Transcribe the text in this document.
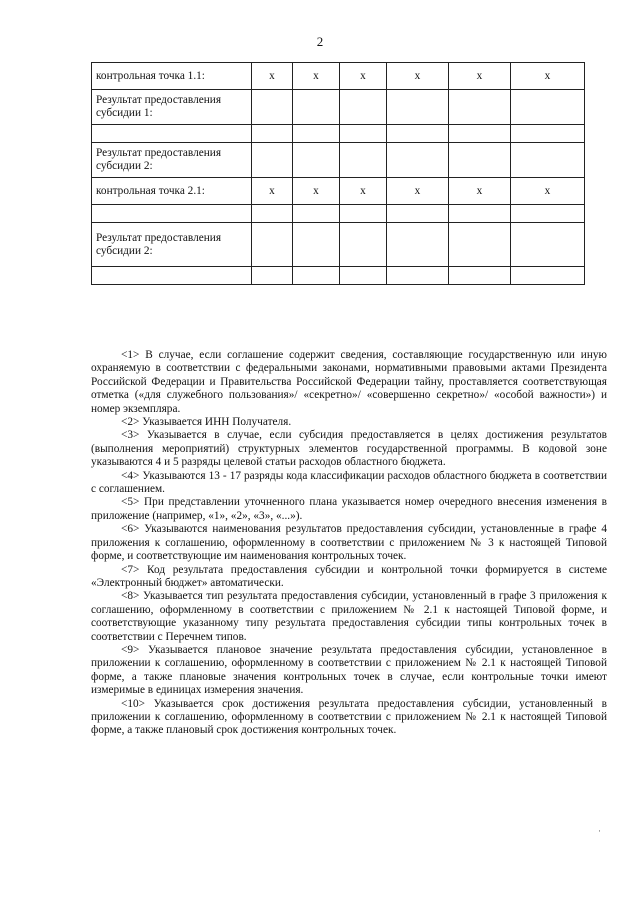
2
контрольная точка 1.1:	x	x	x	x	x	x
Результат предоставления субсидии 1:						

Результат предоставления субсидии 2:						
контрольная точка 2.1:	x	x	x	x	x	x

Результат предоставления субсидии 2:						

<1> В случае, если соглашение содержит сведения, составляющие государственную или иную охраняемую в соответствии с федеральными законами, нормативными правовыми актами Президента Российской Федерации и Правительства Российской Федерации тайну, проставляется соответствующая отметка («для служебного пользования»/ «секретно»/ «совершенно секретно»/ «особой важности») и номер экземпляра.

<2> Указывается ИНН Получателя.

<3> Указывается в случае, если субсидия предоставляется в целях достижения результатов (выполнения мероприятий) структурных элементов государственной программы. В кодовой зоне указываются 4 и 5 разряды целевой статьи расходов областного бюджета.

<4> Указываются 13 - 17 разряды кода классификации расходов областного бюджета в соответствии с соглашением.

<5> При представлении уточненного плана указывается номер очередного внесения изменения в приложение (например, «1», «2», «3», «...»).

<6> Указываются наименования результатов предоставления субсидии, установленные в графе 4 приложения к соглашению, оформленному в соответствии с приложением № 3 к настоящей Типовой форме, и соответствующие им наименования контрольных точек.

<7> Код результата предоставления субсидии и контрольной точки формируется в системе «Электронный бюджет» автоматически.

<8> Указывается тип результата предоставления субсидии, установленный в графе 3 приложения к соглашению, оформленному в соответствии с приложением № 2.1 к настоящей Типовой форме, и соответствующие указанному типу результата предоставления субсидии типы контрольных точек в соответствии с Перечнем типов.

<9> Указывается плановое значение результата предоставления субсидии, установленное в приложении к соглашению, оформленному в соответствии с приложением № 2.1 к настоящей Типовой форме, а также плановые значения контрольных точек в случае, если контрольные точки имеют измеримые в единицах измерения значения.

<10> Указывается срок достижения результата предоставления субсидии, установленный в приложении к соглашению, оформленному в соответствии с приложением № 2.1 к настоящей Типовой форме, а также плановый срок достижения контрольных точек.

·
